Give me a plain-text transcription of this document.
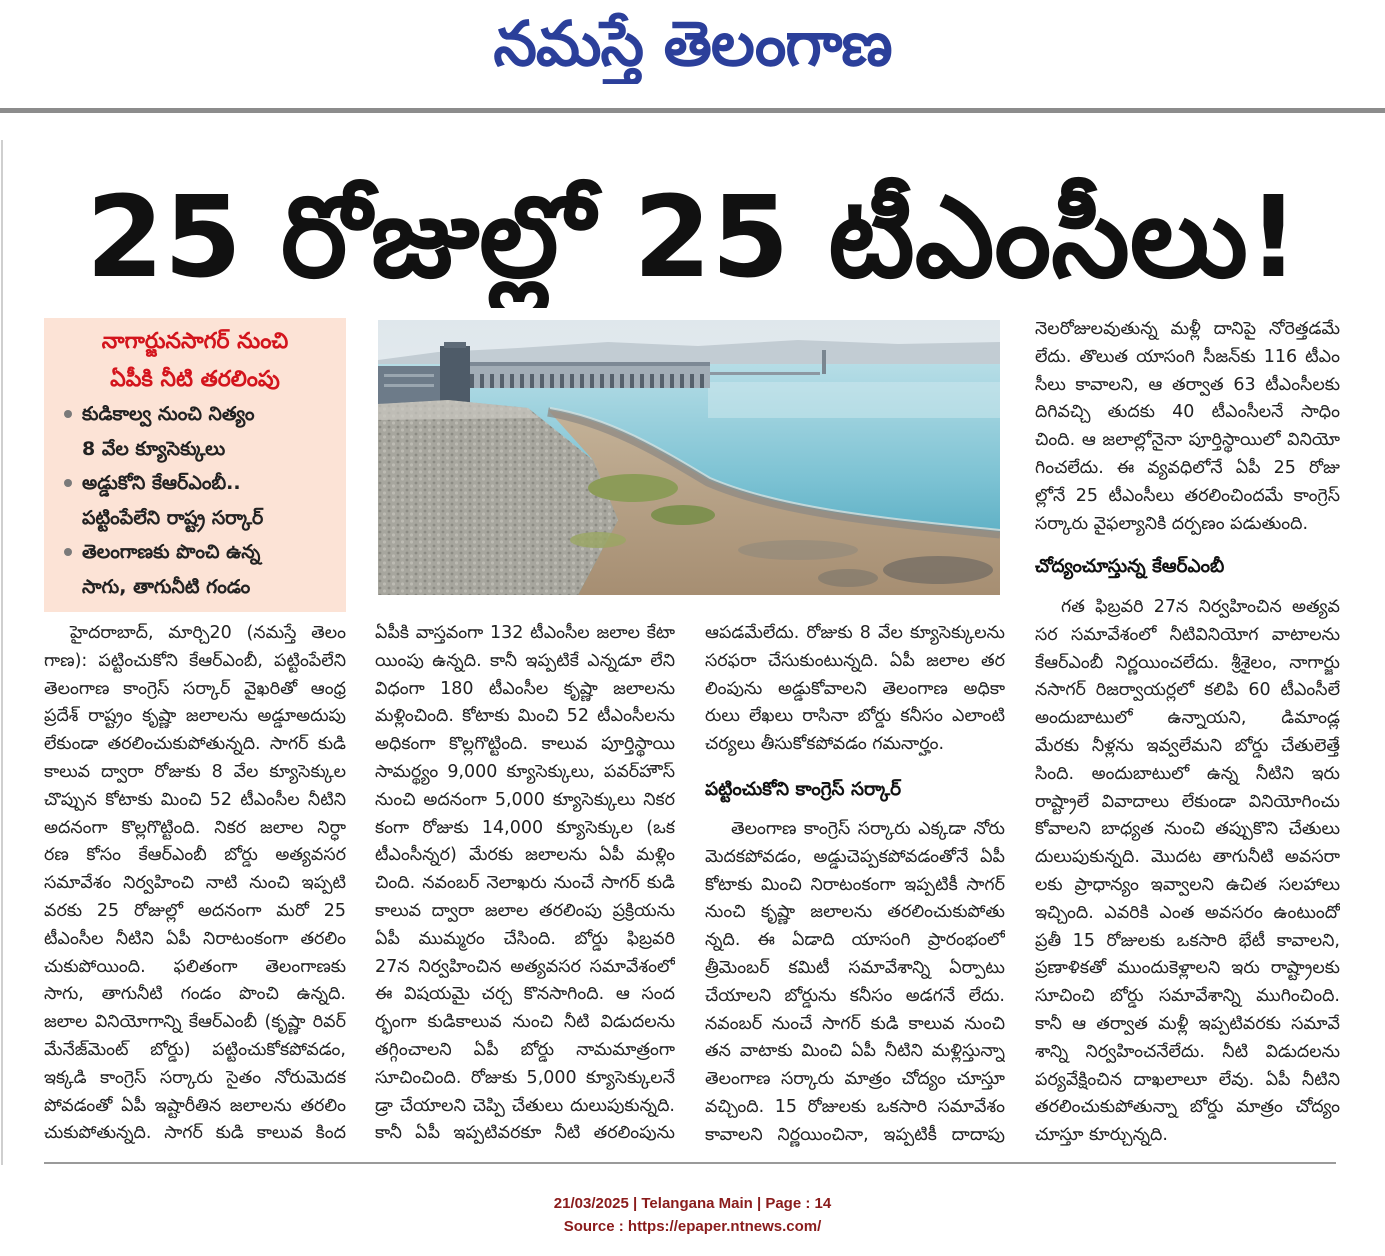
నమస్తే తెలంగాణ
25 రోజుల్లో 25 టీఎంసీలు!
నాగార్జునసాగర్ నుంచి
ఏపీకి నీటి తరలింపు
కుడికాల్వ నుంచి నిత్యం
8 వేల క్యూసెక్కులు
అడ్డుకోని కేఆర్ఎంబీ..
పట్టింపేలేని రాష్ట్ర సర్కార్
తెలంగాణకు పొంచి ఉన్న
సాగు, తాగునీటి గండం
హైదరాబాద్, మార్చి20 (నమస్తే తెలం
గాణ): పట్టించుకోని కేఆర్ఎంబీ, పట్టింపేలేని
తెలంగాణ కాంగ్రెస్ సర్కార్ వైఖరితో ఆంధ్ర
ప్రదేశ్ రాష్ట్రం కృష్ణా జలాలను అడ్డూఅదుపు
లేకుండా తరలించుకుపోతున్నది. సాగర్ కుడి
కాలువ ద్వారా రోజుకు 8 వేల క్యూసెక్కుల
చొప్పున కోటాకు మించి 52 టీఎంసీల నీటిని
అదనంగా కొల్లగొట్టింది. నికర జలాల నిర్ధా
రణ కోసం కేఆర్ఎంబీ బోర్డు అత్యవసర
సమావేశం నిర్వహించి నాటి నుంచి ఇప్పటి
వరకు 25 రోజుల్లో అదనంగా మరో 25
టీఎంసీల నీటిని ఏపీ నిరాటంకంగా తరలిం
చుకుపోయింది. ఫలితంగా తెలంగాణకు
సాగు, తాగునీటి గండం పొంచి ఉన్నది.
జలాల వినియోగాన్ని కేఆర్ఎంబీ (కృష్ణా రివర్
మేనేజ్‌మెంట్ బోర్డు) పట్టించుకోకపోవడం,
ఇక్కడి కాంగ్రెస్ సర్కారు సైతం నోరుమెదక
పోవడంతో ఏపీ ఇష్టారీతిన జలాలను తరలిం
చుకుపోతున్నది. సాగర్ కుడి కాలువ కింద
ఏపీకి వాస్తవంగా 132 టీఎంసీల జలాల కేటా
యింపు ఉన్నది. కానీ ఇప్పటికే ఎన్నడూ లేని
విధంగా 180 టీఎంసీల కృష్ణా జలాలను
మళ్లించింది. కోటాకు మించి 52 టీఎంసీలను
అధికంగా కొల్లగొట్టింది. కాలువ పూర్తిస్థాయి
సామర్థ్యం 9,000 క్యూసెక్కులు, పవర్‌హౌస్
నుంచి అదనంగా 5,000 క్యూసెక్కులు నికర
కంగా రోజుకు 14,000 క్యూసెక్కుల (ఒక
టీఎంసీన్నర) మేరకు జలాలను ఏపీ మళ్లిం
చింది. నవంబర్ నెలాఖరు నుంచే సాగర్ కుడి
కాలువ ద్వారా జలాల తరలింపు ప్రక్రియను
ఏపీ ముమ్మరం చేసింది. బోర్డు ఫిబ్రవరి
27న నిర్వహించిన అత్యవసర సమావేశంలో
ఈ విషయమై చర్చ కొనసాగింది. ఆ సంద
ర్భంగా కుడికాలువ నుంచి నీటి విడుదలను
తగ్గించాలని ఏపీ బోర్డు నామమాత్రంగా
సూచించింది. రోజుకు 5,000 క్యూసెక్కులనే
డ్రా చేయాలని చెప్పి చేతులు దులుపుకున్నది.
కానీ ఏపీ ఇప్పటివరకూ నీటి తరలింపును
ఆపడమేలేదు. రోజుకు 8 వేల క్యూసెక్కులను
సరఫరా చేసుకుంటున్నది. ఏపీ జలాల తర
లింపును అడ్డుకోవాలని తెలంగాణ అధికా
రులు లేఖలు రాసినా బోర్డు కనీసం ఎలాంటి
చర్యలు తీసుకోకపోవడం గమనార్హం.
పట్టించుకోని కాంగ్రెస్ సర్కార్
తెలంగాణ కాంగ్రెస్ సర్కారు ఎక్కడా నోరు
మెదకపోవడం, అడ్డుచెప్పకపోవడంతోనే ఏపీ
కోటాకు మించి నిరాటంకంగా ఇప్పటికీ సాగర్
నుంచి కృష్ణా జలాలను తరలించుకుపోతు
న్నది. ఈ ఏడాది యాసంగి ప్రారంభంలో
త్రీమెంబర్ కమిటీ సమావేశాన్ని ఏర్పాటు
చేయాలని బోర్డును కనీసం అడగనే లేదు.
నవంబర్ నుంచే సాగర్ కుడి కాలువ నుంచి
తన వాటాకు మించి ఏపీ నీటిని మళ్లిస్తున్నా
తెలంగాణ సర్కారు మాత్రం చోద్యం చూస్తూ
వచ్చింది. 15 రోజులకు ఒకసారి సమావేశం
కావాలని నిర్ణయించినా, ఇప్పటికీ దాదాపు
నెలరోజులవుతున్న మళ్లీ దానిపై నోరెత్తడమే
లేదు. తొలుత యాసంగి సీజన్‌కు 116 టీఎం
సీలు కావాలని, ఆ తర్వాత 63 టీఎంసీలకు
దిగివచ్చి తుదకు 40 టీఎంసీలనే సాధిం
చింది. ఆ జలాల్లోనైనా పూర్తిస్థాయిలో వినియో
గించలేదు. ఈ వ్యవధిలోనే ఏపీ 25 రోజు
ల్లోనే 25 టీఎంసీలు తరలించిందమే కాంగ్రెస్
సర్కారు వైఫల్యానికి దర్పణం పడుతుంది.
చోద్యంచూస్తున్న కేఆర్ఎంబీ
గత ఫిబ్రవరి 27న నిర్వహించిన అత్యవ
సర సమావేశంలో నీటివినియోగ వాటాలను
కేఆర్ఎంబీ నిర్ణయించలేదు. శ్రీశైలం, నాగార్జు
నసాగర్ రిజర్వాయర్లలో కలిపి 60 టీఎంసీలే
అందుబాటులో ఉన్నాయని, డిమాండ్ల
మేరకు నీళ్లను ఇవ్వలేమని బోర్డు చేతులెత్తే
సింది. అందుబాటులో ఉన్న నీటిని ఇరు
రాష్ట్రాలే వివాదాలు లేకుండా వినియోగించు
కోవాలని బాధ్యత నుంచి తప్పుకొని చేతులు
దులుపుకున్నది. మొదట తాగునీటి అవసరా
లకు ప్రాధాన్యం ఇవ్వాలని ఉచిత సలహాలు
ఇచ్చింది. ఎవరికి ఎంత అవసరం ఉంటుందో
ప్రతీ 15 రోజులకు ఒకసారి భేటీ కావాలని,
ప్రణాళికతో ముందుకెళ్లాలని ఇరు రాష్ట్రాలకు
సూచించి బోర్డు సమావేశాన్ని ముగించింది.
కానీ ఆ తర్వాత మళ్లీ ఇప్పటివరకు సమావే
శాన్ని నిర్వహించనేలేదు. నీటి విడుదలను
పర్యవేక్షించిన దాఖలాలూ లేవు. ఏపీ నీటిని
తరలించుకుపోతున్నా బోర్డు మాత్రం చోద్యం
చూస్తూ కూర్చున్నది.
21/03/2025 | Telangana Main | Page : 14
Source : https://epaper.ntnews.com/
